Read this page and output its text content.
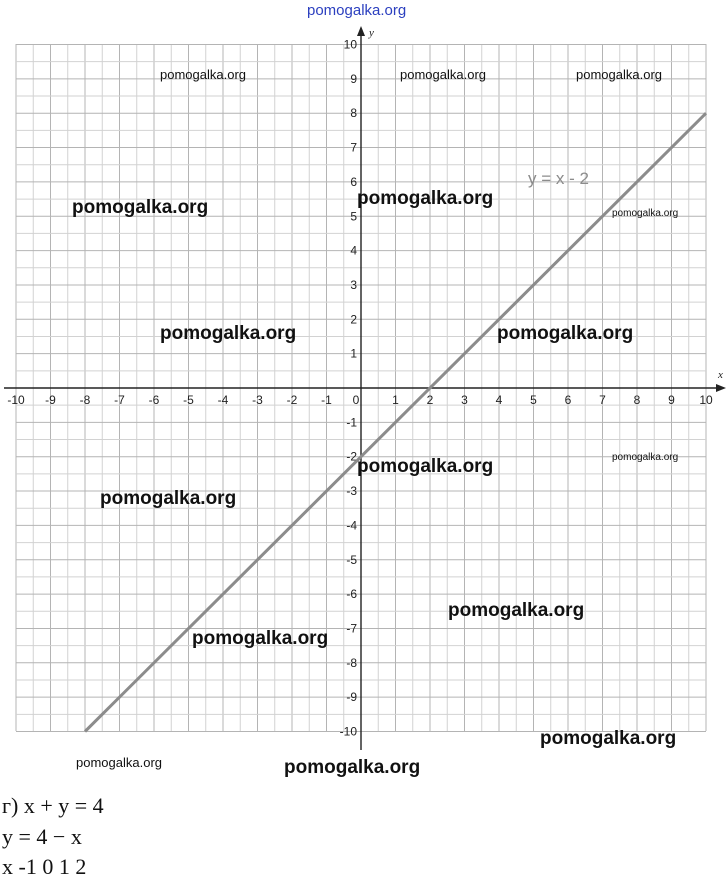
x
y
-10 -9 -8 -7 -6 -5 -4 -3 -2 -1 0	1 2 3 4 5 6 7 8 9 10
10
9
8
7
6
5
4
3
2
1
-1
-2
-3
-4
-5
-6
-7
-8
-9
-10
y = x - 2
pomogalka.org
pomogalka.org	pomogalka.org	pomogalka.org
pomogalka.org	pomogalka.org
pomogalka.org
pomogalka.org	pomogalka.org
pomogalka.org	pomogalka.org
pomogalka.org
pomogalka.org
pomogalka.org
pomogalka.org
pomogalka.org	pomogalka.org
г) x + y = 4
y = 4 − x
x -1 0 1 2
